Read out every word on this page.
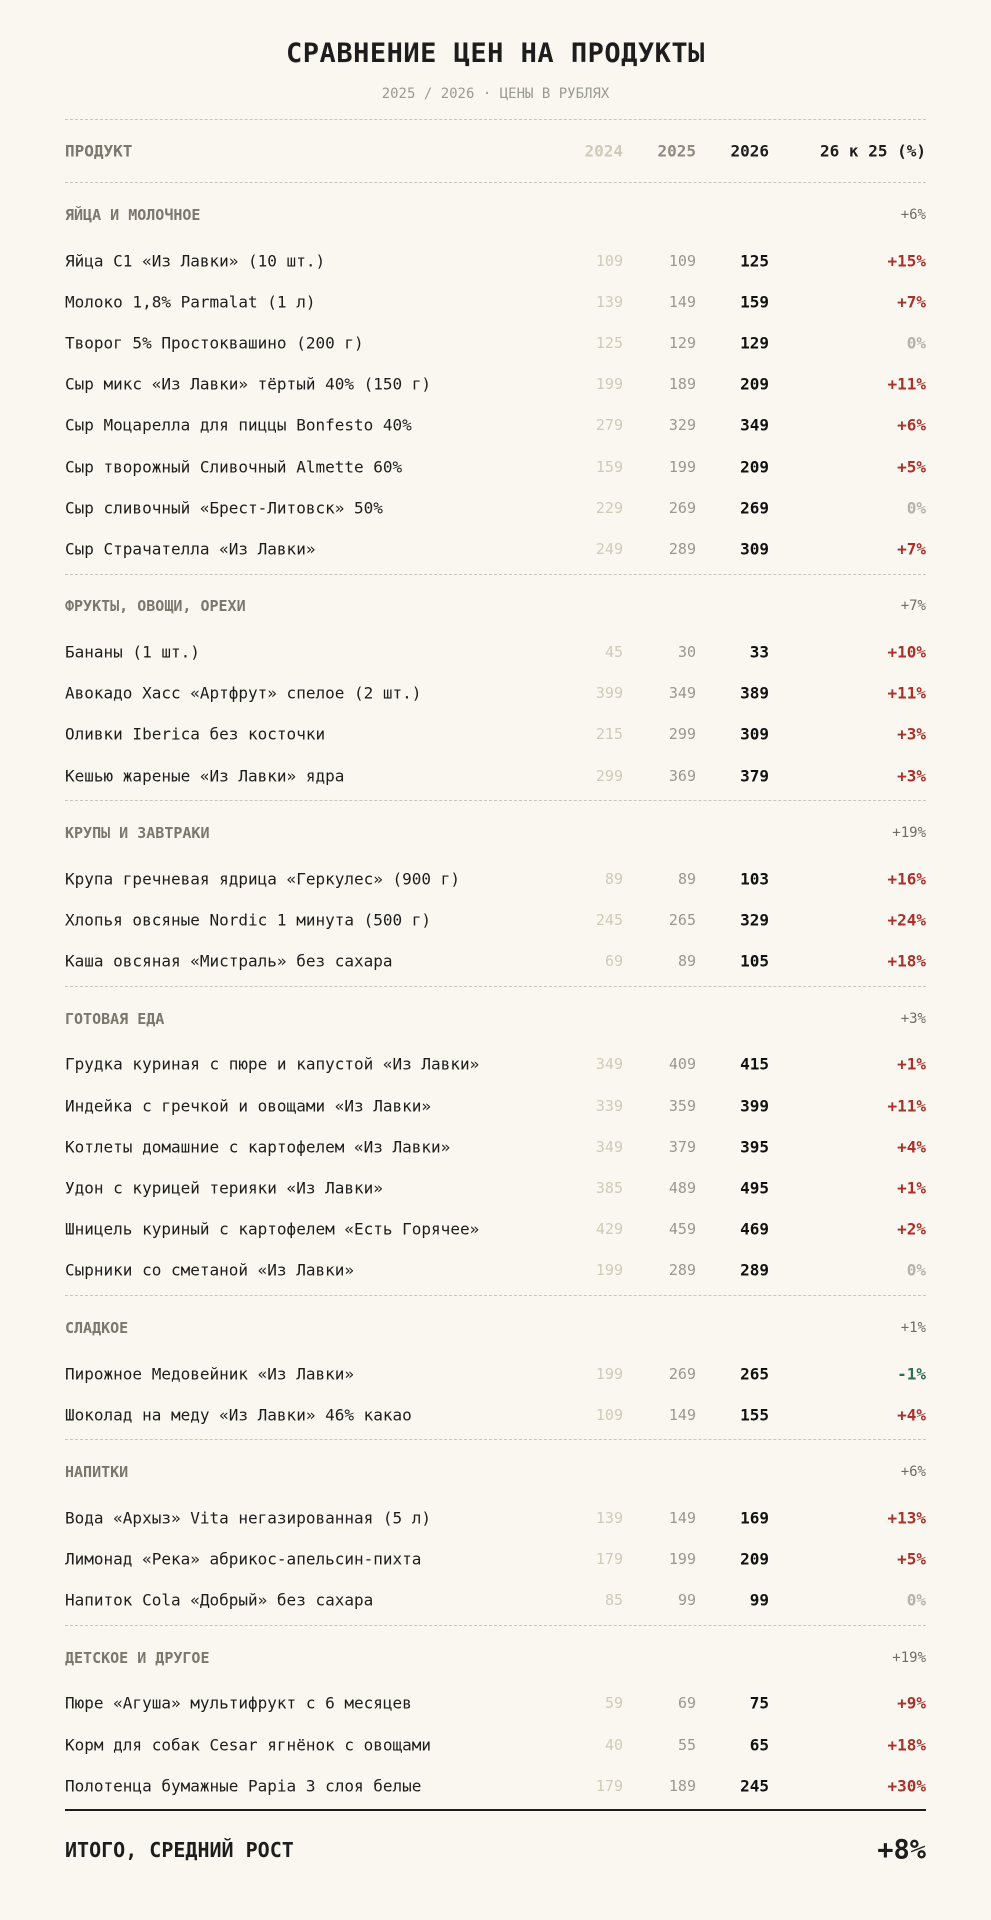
СРАВНЕНИЕ ЦЕН НА ПРОДУКТЫ
2025 / 2026 · ЦЕНЫ В РУБЛЯХ
ПРОДУКТ	2024 2025 2026	26 к 25 (%)
ЯЙЦА И МОЛОЧНОЕ	+6%
Яйца С1 «Из Лавки» (10 шт.)	109	109	125	+15%
Молоко 1,8% Parmalat (1 л)	139	149	159	+7%
Творог 5% Простоквашино (200 г)	125	129	129	0%
Сыр микс «Из Лавки» тёртый 40% (150 г)	199	189	209	+11%
Сыр Моцарелла для пиццы Bonfesto 40%	279	329	349	+6%
Сыр творожный Сливочный Almette 60%	159	199	209	+5%
Сыр сливочный «Брест-Литовск» 50%	229	269	269	0%
Сыр Страчателла «Из Лавки»	249	289	309	+7%
ФРУКТЫ, ОВОЩИ, ОРЕХИ	+7%
Бананы (1 шт.)	45	30	33	+10%
Авокадо Хасс «Артфрут» спелое (2 шт.)	399	349	389	+11%
Оливки Iberica без косточки	215	299	309	+3%
Кешью жареные «Из Лавки» ядра	299	369	379	+3%
КРУПЫ И ЗАВТРАКИ	+19%
Крупа гречневая ядрица «Геркулес» (900 г)	89	89	103	+16%
Хлопья овсяные Nordic 1 минута (500 г)	245	265	329	+24%
Каша овсяная «Мистраль» без сахара	69	89	105	+18%
ГОТОВАЯ ЕДА	+3%
Грудка куриная с пюре и капустой «Из Лавки»	349	409	415	+1%
Индейка с гречкой и овощами «Из Лавки»	339	359	399	+11%
Котлеты домашние с картофелем «Из Лавки»	349	379	395	+4%
Удон с курицей терияки «Из Лавки»	385	489	495	+1%
Шницель куриный с картофелем «Есть Горячее»	429	459	469	+2%
Сырники со сметаной «Из Лавки»	199	289	289	0%
СЛАДКОЕ	+1%
Пирожное Медовейник «Из Лавки»	199	269	265	-1%
Шоколад на меду «Из Лавки» 46% какао	109	149	155	+4%
НАПИТКИ	+6%
Вода «Архыз» Vita негазированная (5 л)	139	149	169	+13%
Лимонад «Река» абрикос-апельсин-пихта	179	199	209	+5%
Напиток Cola «Добрый» без сахара	85	99	99	0%
ДЕТСКОЕ И ДРУГОЕ	+19%
Пюре «Агуша» мультифрукт с 6 месяцев	59	69	75	+9%
Корм для собак Cesar ягнёнок с овощами	40	55	65	+18%
Полотенца бумажные Papia 3 слоя белые	179	189	245	+30%
ИТОГО, СРЕДНИЙ РОСТ	+8%
